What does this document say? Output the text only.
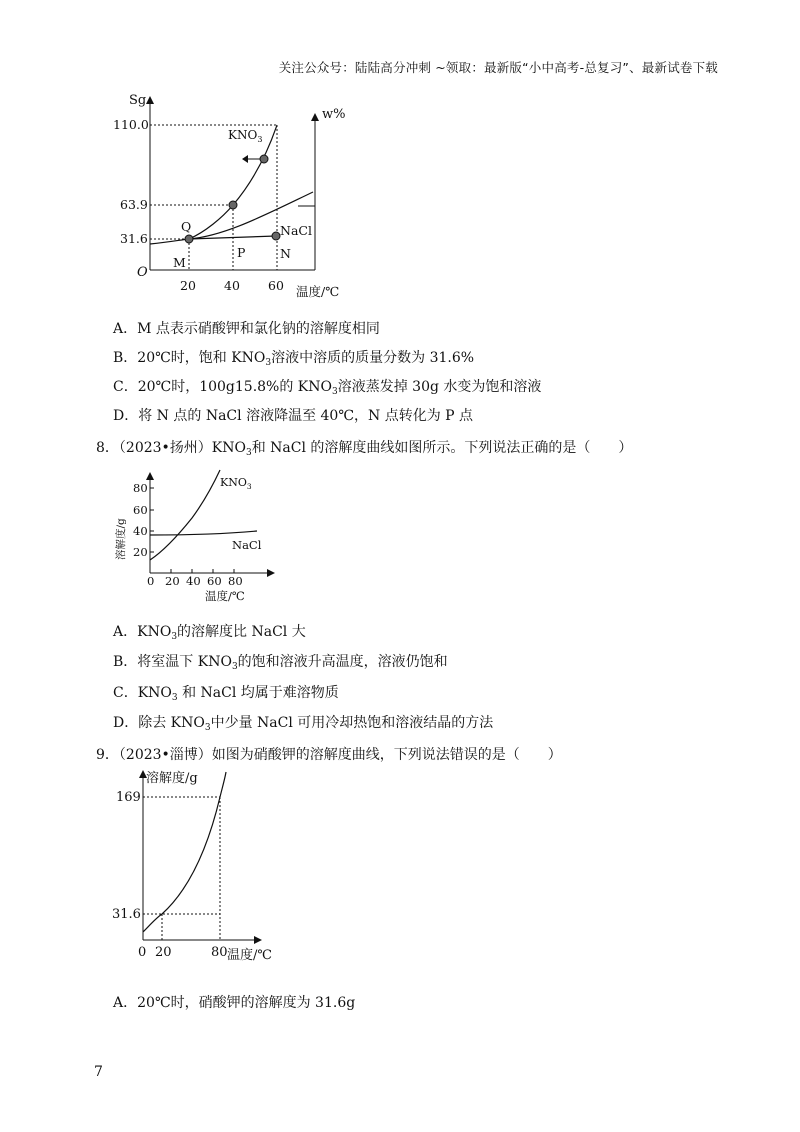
关注公众号：陆陆高分冲刺 ~领取：最新版“小中高考-总复习”、最新试卷下载
Sg
w%
110.0
63.9
31.6
O
20 40 60 温度/℃
$KNO_3$
NaCl
Q
M
P	N
A．M 点表示硝酸钾和氯化钠的溶解度相同
B．20℃时，饱和 $KNO_3$溶液中溶质的质量分数为 31.6%
C．20℃时，100g15.8%的 $KNO_3$溶液蒸发掉 30g 水变为饱和溶液
D．将 N 点的 NaCl 溶液降温至 40℃，N 点转化为 P 点
8．（2023•扬州）$KNO_3$和 NaCl 的溶解度曲线如图所示。下列说法正确的是（　　）
80
60
40
20
0 20 40 60 80
温度/℃
溶解度/g
$KNO_3$
NaCl
A．$KNO_3$的溶解度比 NaCl 大
B．将室温下 $KNO_3$的饱和溶液升高温度，溶液仍饱和
C．$KNO_3$ 和 NaCl 均属于难溶物质
D．除去 $KNO_3$中少量 NaCl 可用冷却热饱和溶液结晶的方法
9．（2023•淄博）如图为硝酸钾的溶解度曲线，下列说法错误的是（　　）
溶解度/g
169
31.6
0 20	80 温度/℃
A．20℃时，硝酸钾的溶解度为 31.6g
7
